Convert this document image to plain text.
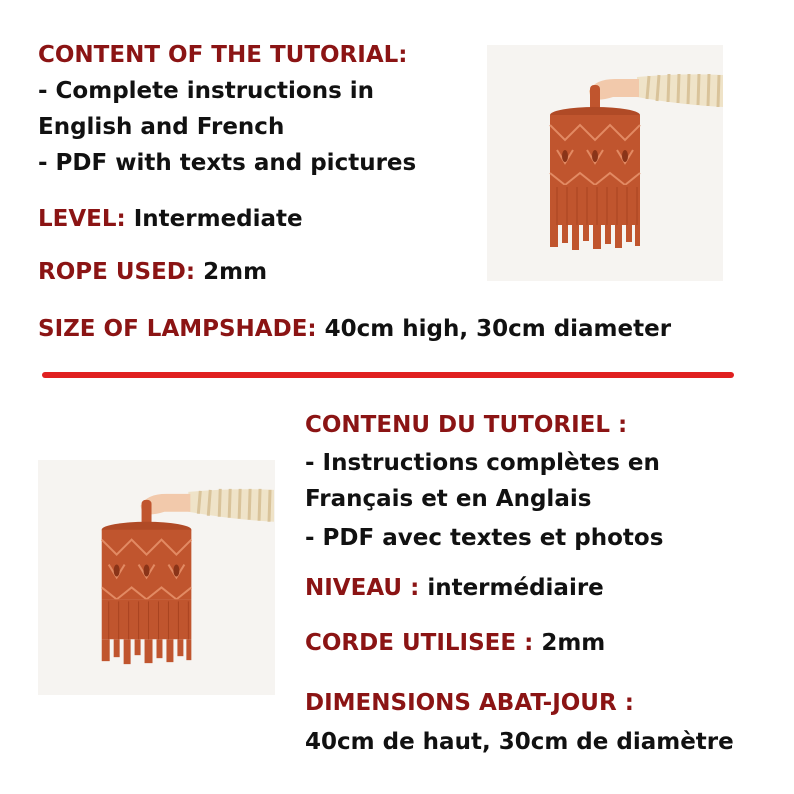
CONTENT OF THE TUTORIAL:
- Complete instructions in
English and French
- PDF with texts and pictures
LEVEL: Intermediate
ROPE USED: 2mm
SIZE OF LAMPSHADE: 40cm high, 30cm diameter
CONTENU DU TUTORIEL :
- Instructions complètes en
Français et en Anglais
- PDF avec textes et photos
NIVEAU : intermédiaire
CORDE UTILISEE : 2mm
DIMENSIONS ABAT-JOUR :
40cm de haut, 30cm de diamètre
